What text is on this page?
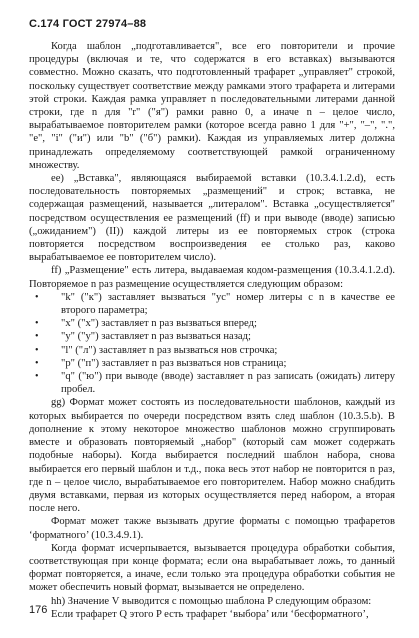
С.174 ГОСТ 27974–88

Когда шаблон „подготавливается", все его повторители и прочие процедуры (включая и те, что содержатся в его вставках) вызываются совместно. Можно сказать, что подготовленный трафарет „управляет" строкой, поскольку существует соответствие между рамками этого трафарета и литерами этой строки. Каждая рамка управляет n последовательными литерами данной строки, где n для "r" ("я") рамки равно 0, а иначе n – целое число, вырабатываемое повторителем рамки (которое всегда равно 1 для "+", "–", ".", "e", "i" ("и") или "b" ("б") рамки). Каждая из управляемых литер должна принадлежать определяемому соответствующей рамкой ограниченному множеству.

ee) „Вставка", являющаяся выбираемой вставки (10.3.4.1.2.d), есть последовательность повторяемых „размещений" и строк; вставка, не содержащая размещений, называется „литералом". Вставка „осуществляется" посредством осуществления ее размещений (ff) и при выводе (вводе) записью („ожиданием") (II)) каждой литеры из ее повторяемых строк (строка повторяется посредством воспроизведения ее столько раз, каково вырабатываемое ее повторителем число).

ff) „Размещение" есть литера, выдаваемая кодом-размещения (10.3.4.1.2.d). Повторяемое n раз размещение осуществляется следующим образом:

• "k" ("к") заставляет вызваться "ус" номер литеры с n в качестве ее второго параметра;
• "x" ("х") заставляет n раз вызваться вперед;
• "y" ("у") заставляет n раз вызваться назад;
• "l" ("л") заставляет n раз вызваться нов строчка;
• "p" ("п") заставляет n раз вызваться нов страница;
• "q" ("ю") при выводе (вводе) заставляет n раз записать (ожидать) литеру пробел.

gg) Формат может состоять из последовательности шаблонов, каждый из которых выбирается по очереди посредством взять след шаблон (10.3.5.b). В дополнение к этому некоторое множество шаблонов можно сгруппировать вместе и образовать повторяемый „набор" (который сам может содержать подобные наборы). Когда выбирается последний шаблон набора, снова выбирается его первый шаблон и т.д., пока весь этот набор не повторится n раз, где n – целое число, вырабатываемое его повторителем. Набор можно снабдить двумя вставками, первая из которых осуществляется перед набором, а вторая после него.

Формат может также вызывать другие форматы с помощью трафаретов ‘форматного’ (10.3.4.9.1).

Когда формат исчерпывается, вызывается процедура обработки события, соответствующая при конце формата; если она вырабатывает ложь, то данный формат повторяется, а иначе, если только эта процедура обработки события не может обеспечить новый формат, вызывается не определено.

hh) Значение V выводится с помощью шаблона P следующим образом:

Если трафарет Q этого P есть трафарет ‘выбора’ или ‘бесформатного’,

176
